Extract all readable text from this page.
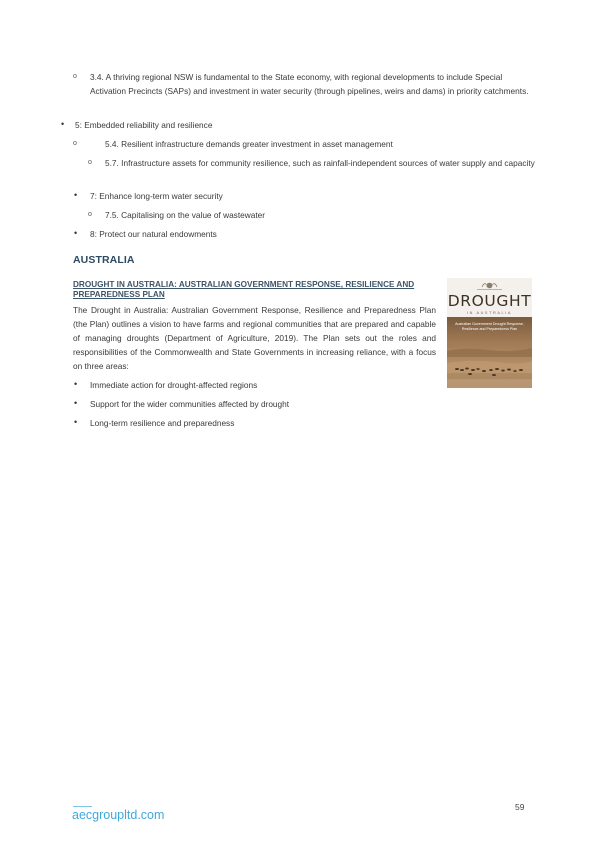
o 3.4. A thriving regional NSW is fundamental to the State economy, with regional developments to include Special Activation Precincts (SAPs) and investment in water security (through pipelines, weirs and dams) in priority catchments.
• 5: Embedded reliability and resilience
o	5.4. Resilient infrastructure demands greater investment in asset management
o 5.7. Infrastructure assets for community resilience, such as rainfall-independent sources of water supply and capacity
• 7: Enhance long-term water security
o 7.5. Capitalising on the value of wastewater
• 8: Protect our natural endowments
AUSTRALIA
DROUGHT IN AUSTRALIA: AUSTRALIAN GOVERNMENT RESPONSE, RESILIENCE AND PREPAREDNESS PLAN
The Drought in Australia: Australian Government Response, Resilience and Preparedness Plan (the Plan) outlines a vision to have farms and regional communities that are prepared and capable of managing droughts (Department of Agriculture, 2019). The Plan sets out the roles and responsibilities of the Commonwealth and State Governments in increasing reliance, with a focus on three areas:
DROUGHT
IN AUSTRALIA
Australian Government Drought Response, Resilience and Preparedness Plan
• Immediate action for drought-affected regions
• Support for the wider communities affected by drought
• Long-term resilience and preparedness
aecgroupltd.com
59
